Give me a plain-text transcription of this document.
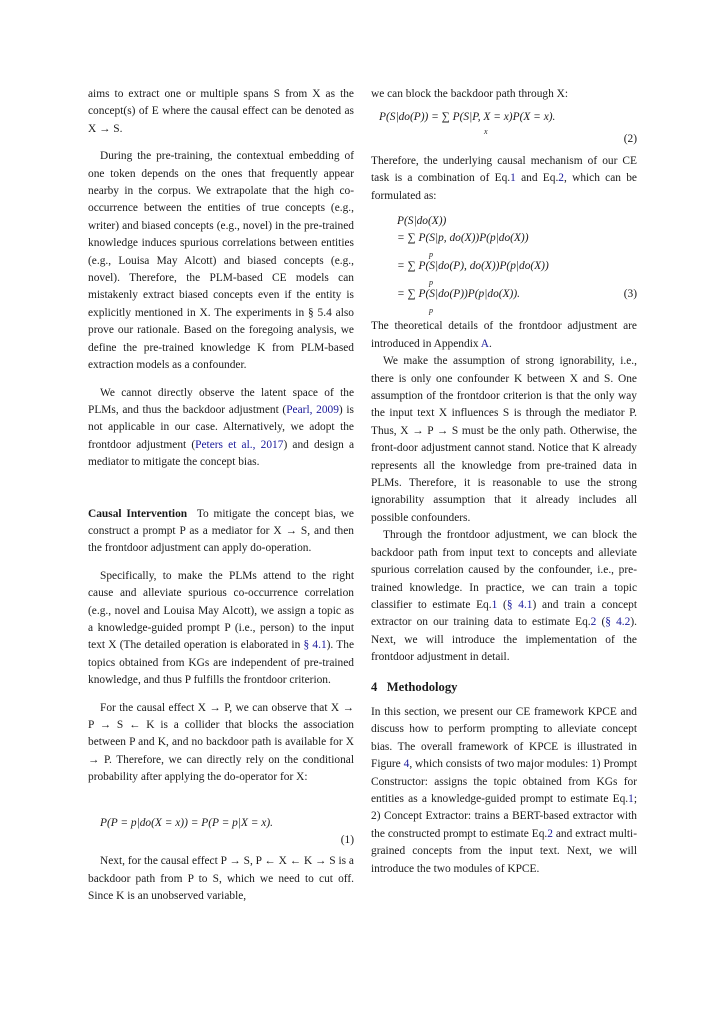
aims to extract one or multiple spans S from X as the concept(s) of E where the causal effect can be denoted as X → S.

During the pre-training, the contextual embedding of one token depends on the ones that frequently appear nearby in the corpus. We extrapolate that the high co-occurrence between the entities of true concepts (e.g., writer) and biased concepts (e.g., novel) in the pre-trained knowledge induces spurious correlations between entities (e.g., Louisa May Alcott) and biased concepts (e.g., novel). Therefore, the PLM-based CE models can mistakenly extract biased concepts even if the entity is explicitly mentioned in X. The experiments in § 5.4 also prove our rationale. Based on the foregoing analysis, we define the pre-trained knowledge K from PLM-based extraction models as a confounder.

We cannot directly observe the latent space of the PLMs, and thus the backdoor adjustment (Pearl, 2009) is not applicable in our case. Alternatively, we adopt the frontdoor adjustment (Peters et al., 2017) and design a mediator to mitigate the concept bias.

Causal Intervention To mitigate the concept bias, we construct a prompt P as a mediator for X → S, and then the frontdoor adjustment can apply do-operation.

Specifically, to make the PLMs attend to the right cause and alleviate spurious co-occurrence correlation (e.g., novel and Louisa May Alcott), we assign a topic as a knowledge-guided prompt P (i.e., person) to the input text X (The detailed operation is elaborated in § 4.1). The topics obtained from KGs are independent of pre-trained knowledge, and thus P fulfills the frontdoor criterion.

For the causal effect X → P, we can observe that X → P → S ← K is a collider that blocks the association between P and K, and no backdoor path is available for X → P. Therefore, we can directly rely on the conditional probability after applying the do-operator for X:

P(P = p|do(X = x)) = P(P = p|X = x).
(1)

Next, for the causal effect P → S, P ← X ← K → S is a backdoor path from P to S, which we need to cut off. Since K is an unobserved variable,

we can block the backdoor path through X:

P(S|do(P)) = ∑ P(S|P, X = x)P(X = x).
x
(2)

Therefore, the underlying causal mechanism of our CE task is a combination of Eq.1 and Eq.2, which can be formulated as:

P(S|do(X))
= ∑ P(S|p, do(X))P(p|do(X))
p
= ∑ P(S|do(P), do(X))P(p|do(X))
p
= ∑ P(S|do(P))P(p|do(X)).
p
(3)

The theoretical details of the frontdoor adjustment are introduced in Appendix A.

We make the assumption of strong ignorability, i.e., there is only one confounder K between X and S. One assumption of the frontdoor criterion is that the only way the input text X influences S is through the mediator P. Thus, X → P → S must be the only path. Otherwise, the front-door adjustment cannot stand. Notice that K already represents all the knowledge from pre-trained data in PLMs. Therefore, it is reasonable to use the strong ignorability assumption that it already includes all possible confounders.

Through the frontdoor adjustment, we can block the backdoor path from input text to concepts and alleviate spurious correlation caused by the confounder, i.e., pre-trained knowledge. In practice, we can train a topic classifier to estimate Eq.1 (§ 4.1) and train a concept extractor on our training data to estimate Eq.2 (§ 4.2). Next, we will introduce the implementation of the frontdoor adjustment in detail.

4 Methodology

In this section, we present our CE framework KPCE and discuss how to perform prompting to alleviate concept bias. The overall framework of KPCE is illustrated in Figure 4, which consists of two major modules: 1) Prompt Constructor: assigns the topic obtained from KGs for entities as a knowledge-guided prompt to estimate Eq.1; 2) Concept Extractor: trains a BERT-based extractor with the constructed prompt to estimate Eq.2 and extract multi-grained concepts from the input text. Next, we will introduce the two modules of KPCE.
